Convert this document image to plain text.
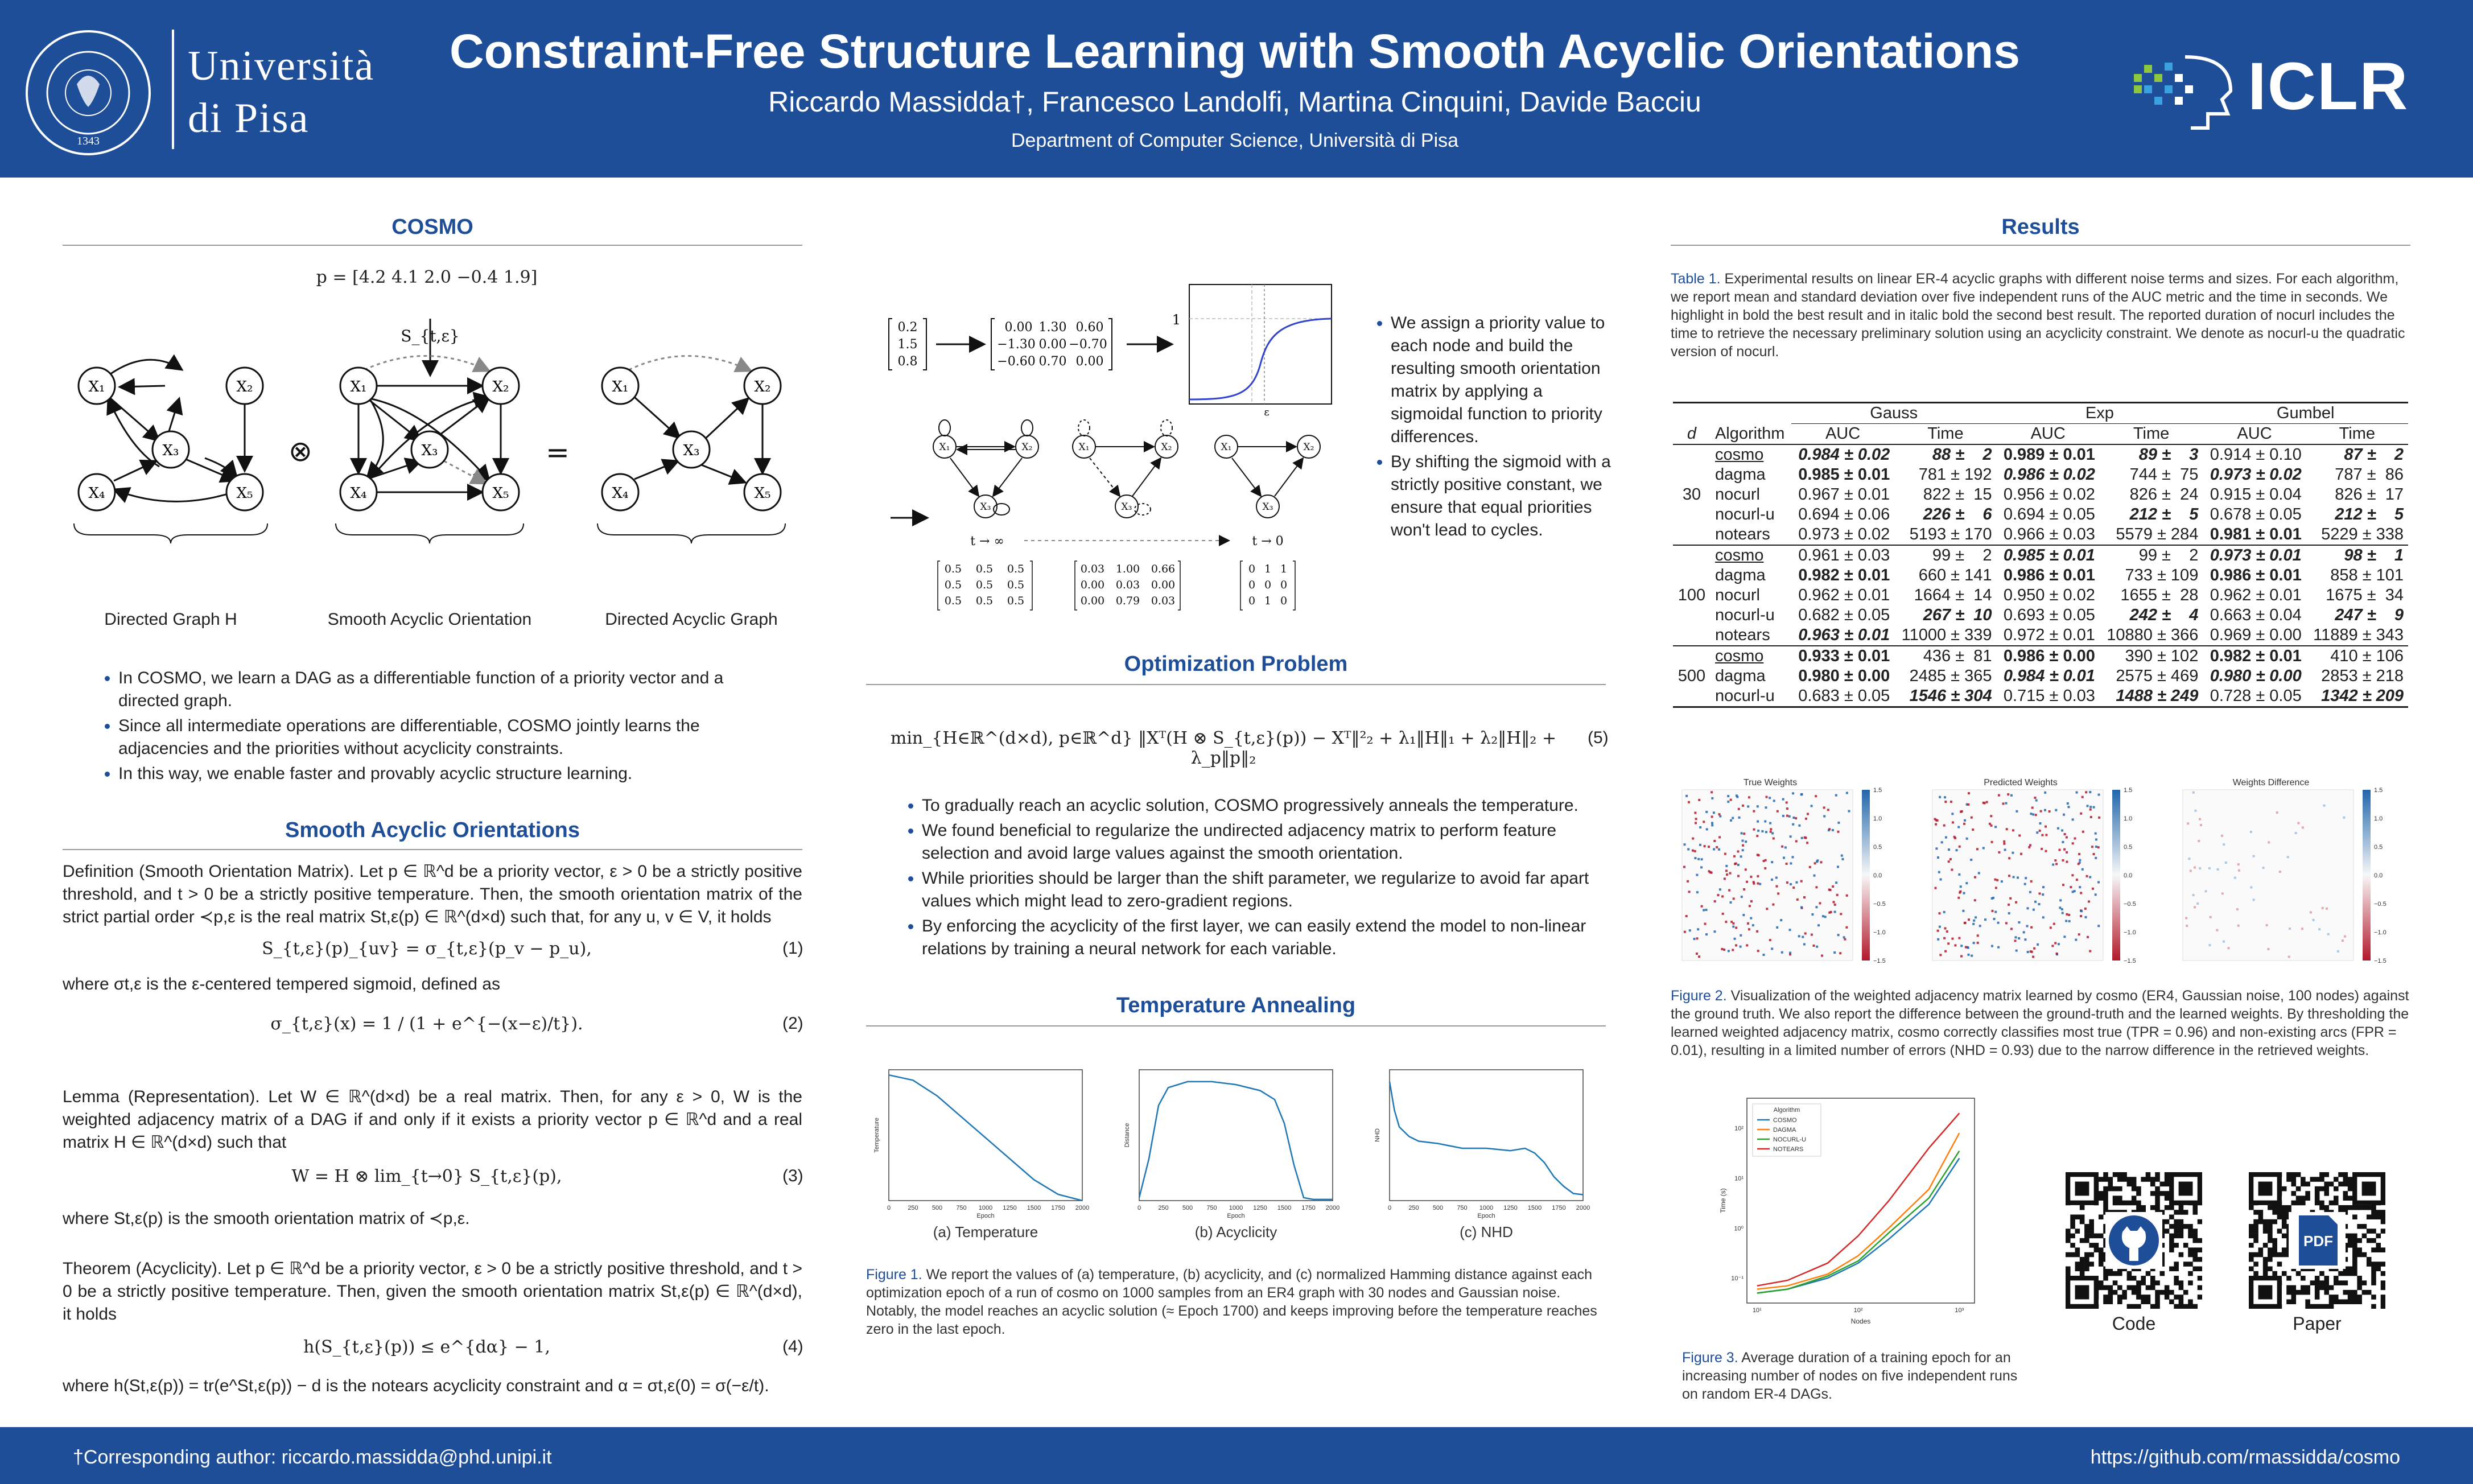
1343
Università
di Pisa
Constraint-Free Structure Learning with Smooth Acyclic Orientations
Riccardo Massidda†, Francesco Landolfi, Martina Cinquini, Davide Bacciu
Department of Computer Science, Università di Pisa
ICLR
COSMO
p = [4.2 4.1 2.0 −0.4 1.9]
S_{t,ε}
X₁	X₂
X₃
X₄	X₅
⊗
X₁	X₂
X₃
X₄	X₅
=
X₁	X₂
X₃
X₄	X₅
Directed Graph H	Smooth Acyclic Orientation	Directed Acyclic Graph
• In COSMO, we learn a DAG as a differentiable function of a priority vector and a directed graph.
• Since all intermediate operations are differentiable, COSMO jointly learns the adjacencies and the priorities without acyclicity constraints.
• In this way, we enable faster and provably acyclic structure learning.
Smooth Acyclic Orientations
Definition (Smooth Orientation Matrix). Let p ∈ ℝ^d be a priority vector, ε > 0 be a strictly positive threshold, and t > 0 be a strictly positive temperature. Then, the smooth orientation matrix of the strict partial order ≺p,ε is the real matrix St,ε(p) ∈ ℝ^(d×d) such that, for any u, v ∈ V, it holds
S_{t,ε}(p)_{uv} = σ_{t,ε}(p_v − p_u),	(1)
where σt,ε is the ε-centered tempered sigmoid, defined as
σ_{t,ε}(x) = 1 / (1 + e^{−(x−ε)/t}).	(2)
Lemma (Representation). Let W ∈ ℝ^(d×d) be a real matrix. Then, for any ε > 0, W is the weighted adjacency matrix of a DAG if and only if it exists a priority vector p ∈ ℝ^d and a real matrix H ∈ ℝ^(d×d) such that
W = H ⊗ lim_{t→0} S_{t,ε}(p),	(3)
where St,ε(p) is the smooth orientation matrix of ≺p,ε.
Theorem (Acyclicity). Let p ∈ ℝ^d be a priority vector, ε > 0 be a strictly positive threshold, and t > 0 be a strictly positive temperature. Then, given the smooth orientation matrix St,ε(p) ∈ ℝ^(d×d), it holds
h(S_{t,ε}(p)) ≤ e^{dα} − 1,	(4)
where h(St,ε(p)) = tr(e^St,ε(p)) − d is the notears acyclicity constraint and α = σt,ε(0) = σ(−ε/t).
0.2
1.5
0.8
0.00 1.30 0.60
−1.30 0.00 −0.70
−0.60 0.70 0.00
1
ε
X₁	X₂
X₃
X₁	X₂
X₃
X₁	X₂
X₃
t → ∞	t → 0
0.5 0.5 0.5
0.5 0.5 0.5
0.5 0.5 0.5
0.03 1.00 0.66
0.00 0.03 0.00
0.00 0.79 0.03
0 1 1
0 0 0
0 1 0
• We assign a priority value to each node and build the resulting smooth orientation matrix by applying a sigmoidal function to priority differences.
• By shifting the sigmoid with a strictly positive constant, we ensure that equal priorities won't lead to cycles.
Optimization Problem
min_{H∈ℝ^(d×d), p∈ℝ^d} ‖Xᵀ(H ⊗ S_{t,ε}(p)) − Xᵀ‖²₂ + λ₁‖H‖₁ + λ₂‖H‖₂ + λ_p‖p‖₂
(5)
• To gradually reach an acyclic solution, COSMO progressively anneals the temperature.
• We found beneficial to regularize the undirected adjacency matrix to perform feature selection and avoid large values against the smooth orientation.
• While priorities should be larger than the shift parameter, we regularize to avoid far apart values which might lead to zero-gradient regions.
• By enforcing the acyclicity of the first layer, we can easily extend the model to non-linear relations by training a neural network for each variable.
Temperature Annealing
0	250 500 750 1000 1250 1500 1750 2000
Epoch
Temperature
(a) Temperature
0	250 500 750 1000 1250 1500 1750 2000
Epoch
Distance
(b) Acyclicity
0	250 500 750 1000 1250 1500 1750 2000
Epoch
NHD
(c) NHD
Figure 1. We report the values of (a) temperature, (b) acyclicity, and (c) normalized Hamming distance against each optimization epoch of a run of cosmo on 1000 samples from an ER4 graph with 30 nodes and Gaussian noise. Notably, the model reaches an acyclic solution (≈ Epoch 1700) and keeps improving before the temperature reaches zero in the last epoch.
Results
Table 1. Experimental results on linear ER-4 acyclic graphs with different noise terms and sizes. For each algorithm, we report mean and standard deviation over five independent runs of the AUC metric and the time in seconds. We highlight in bold the best result and in italic bold the second best result. The reported duration of nocurl includes the time to retrieve the necessary preliminary solution using an acyclicity constraint. We denote as nocurl-u the quadratic version of nocurl.
		Gauss		Exp		Gumbel	
d	Algorithm	AUC	Time	AUC	Time	AUC	Time
	cosmo	0.984 ± 0.02	88 ±    2	0.989 ± 0.01	89 ±    3	0.914 ± 0.10	87 ±    2
	dagma	0.985 ± 0.01	781 ± 192	0.986 ± 0.02	744 ±  75	0.973 ± 0.02	787 ±  86
30	nocurl	0.967 ± 0.01	822 ±  15	0.956 ± 0.02	826 ±  24	0.915 ± 0.04	826 ±  17
	nocurl-u	0.694 ± 0.06	226 ±    6	0.694 ± 0.05	212 ±    5	0.678 ± 0.05	212 ±    5
	notears	0.973 ± 0.02	5193 ± 170	0.966 ± 0.03	5579 ± 284	0.981 ± 0.01	5229 ± 338
	cosmo	0.961 ± 0.03	99 ±    2	0.985 ± 0.01	99 ±    2	0.973 ± 0.01	98 ±    1
	dagma	0.982 ± 0.01	660 ± 141	0.986 ± 0.01	733 ± 109	0.986 ± 0.01	858 ± 101
100	nocurl	0.962 ± 0.01	1664 ±  14	0.950 ± 0.02	1655 ±  28	0.962 ± 0.01	1675 ±  34
	nocurl-u	0.682 ± 0.05	267 ±  10	0.693 ± 0.05	242 ±    4	0.663 ± 0.04	247 ±    9
	notears	0.963 ± 0.01	11000 ± 339	0.972 ± 0.01	10880 ± 366	0.969 ± 0.00	11889 ± 343
	cosmo	0.933 ± 0.01	436 ±  81	0.986 ± 0.00	390 ± 102	0.982 ± 0.01	410 ± 106
500	dagma	0.980 ± 0.00	2485 ± 365	0.984 ± 0.01	2575 ± 469	0.980 ± 0.00	2853 ± 218
	nocurl-u	0.683 ± 0.05	1546 ± 304	0.715 ± 0.03	1488 ± 249	0.728 ± 0.05	1342 ± 209
True Weights
1.5
1.0
0.5
0.0
−0.5
−1.0
−1.5
Predicted Weights
1.5
1.0
0.5
0.0
−0.5
−1.0
−1.5
Weights Difference
1.5
1.0
0.5
0.0
−0.5
−1.0
−1.5
Figure 2. Visualization of the weighted adjacency matrix learned by cosmo (ER4, Gaussian noise, 100 nodes) against the ground truth. We also report the difference between the ground-truth and the learned weights. By thresholding the learned weighted adjacency matrix, cosmo correctly classifies most true (TPR = 0.96) and non-existing arcs (FPR = 0.01), resulting in a limited number of errors (NHD = 0.93) due to the narrow difference in the retrieved weights.
Algorithm
COSMO
DAGMA
NOCURL-U
NOTEARS
10²
10¹
10⁰
10⁻¹
10¹	10²	10³
Nodes
Time (s)
Figure 3. Average duration of a training epoch for an increasing number of nodes on five independent runs on random ER-4 DAGs.
Code
PDF
Paper
†Corresponding author: riccardo.massidda@phd.unipi.it	https://github.com/rmassidda/cosmo
